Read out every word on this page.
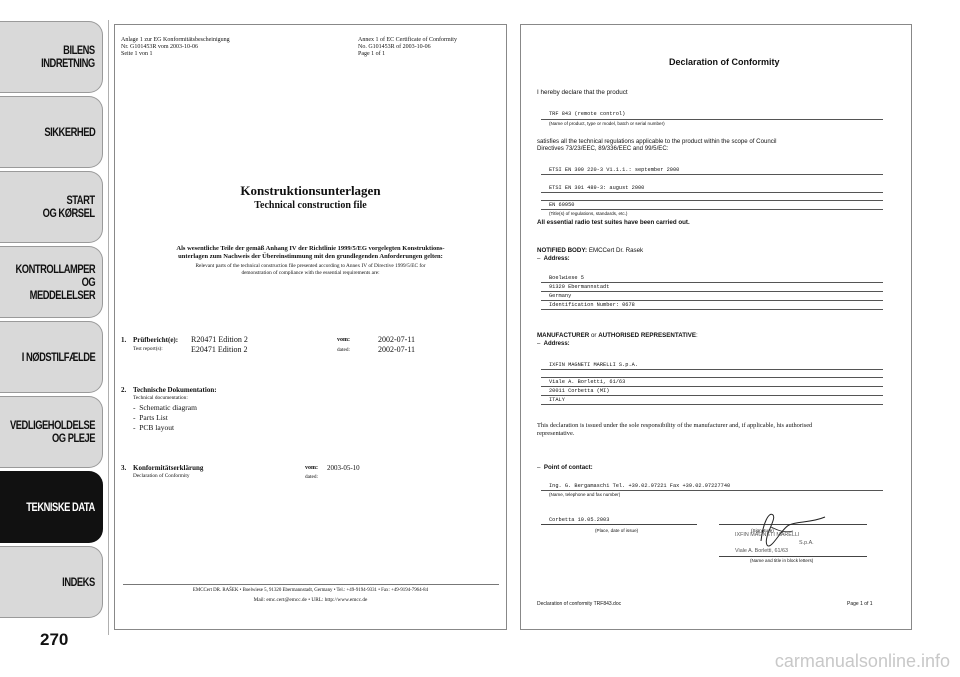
BILENS
INDRETNING
SIKKERHED
START
OG KØRSEL
KONTROLLAMPER
OG MEDDELELSER
I NØDSTILFÆLDE
VEDLIGEHOLDELSE
OG PLEJE
TEKNISKE DATA
INDEKS
270
Anlage 1 zur EG Konformitätsbescheinigung
Nr. G101453R vom 2003-10-06
Seite 1 von 1
Annex 1 of EC Certificate of Conformity
No. G101453R of 2003-10-06
Page 1 of 1
Konstruktionsunterlagen
Technical construction file
Als wesentliche Teile der gemäß Anhang IV der Richtlinie 1999/5/EG vorgelegten Konstruktions-
unterlagen zum Nachweis der Übereinstimmung mit den grundlegenden Anforderungen gelten:
Relevant parts of the technical construction file presented according to Annex IV of Directive 1999/5/EC for
demonstration of compliance with the essential requirements are:
1. Prüfbericht(e):
Test report(s):
R20471 Edition 2
E20471 Edition 2
vom:
dated:
2002-07-11
2002-07-11
2. Technische Dokumentation:
Technical documentation:
-  Schematic diagram
-  Parts List
-  PCB layout
3. Konformitätserklärung
Declaration of Conformity
vom: 2003-05-10
dated:
EMCCert DR. RAŠEK • Boelwiese 5, 91320 Ebermannstadt, Germany • Tel.: +49-9194-9331 • Fax: +49-9194-7964-84
Mail: emc.cert@emcc.de • URL: http://www.emcc.de
Declaration of Conformity
I hereby declare that the product
TRF 843 (remote control)
(Name of product, type or model, batch or serial number)
satisfies all the technical regulations applicable to the product within the scope of Council
Directives 73/23/EEC, 89/336/EEC and 99/5/EC:
ETSI EN 300 220-3 V1.1.1.: september 2000
ETSI EN 301 489-3: august 2000
EN 60950
(Title(s) of regulations, standards, etc.)
All essential radio test suites have been carried out.
NOTIFIED BODY: EMCCert Dr. Rasek
–  Address:
Boelwiese 5
91320 Ebermannstadt
Germany
Identification Number: 0678
MANUFACTURER or AUTHORISED REPRESENTATIVE:
–  Address:
IXFIN MAGNETI MARELLI S.p.A.
Viale A. Borletti, 61/63
20011 Corbetta (MI)
ITALY
This declaration is issued under the sole responsibility of the manufacturer and, if applicable, his authorised
representative.
–  Point of contact:
Ing. G. Bergamaschi Tel. +39.02.97221 Fax +39.02.97227740
(Name, telephone and fax number)
Corbetta 10.05.2003
(Place, date of issue)	(Signature)
IXFIN MAGNETI MARELLI
S.p.A.
Viale A. Borletti, 61/63
(Name and title in block letters)
Declaration of conformity TRF843.doc	Page 1 of 1
carmanualsonline.info
